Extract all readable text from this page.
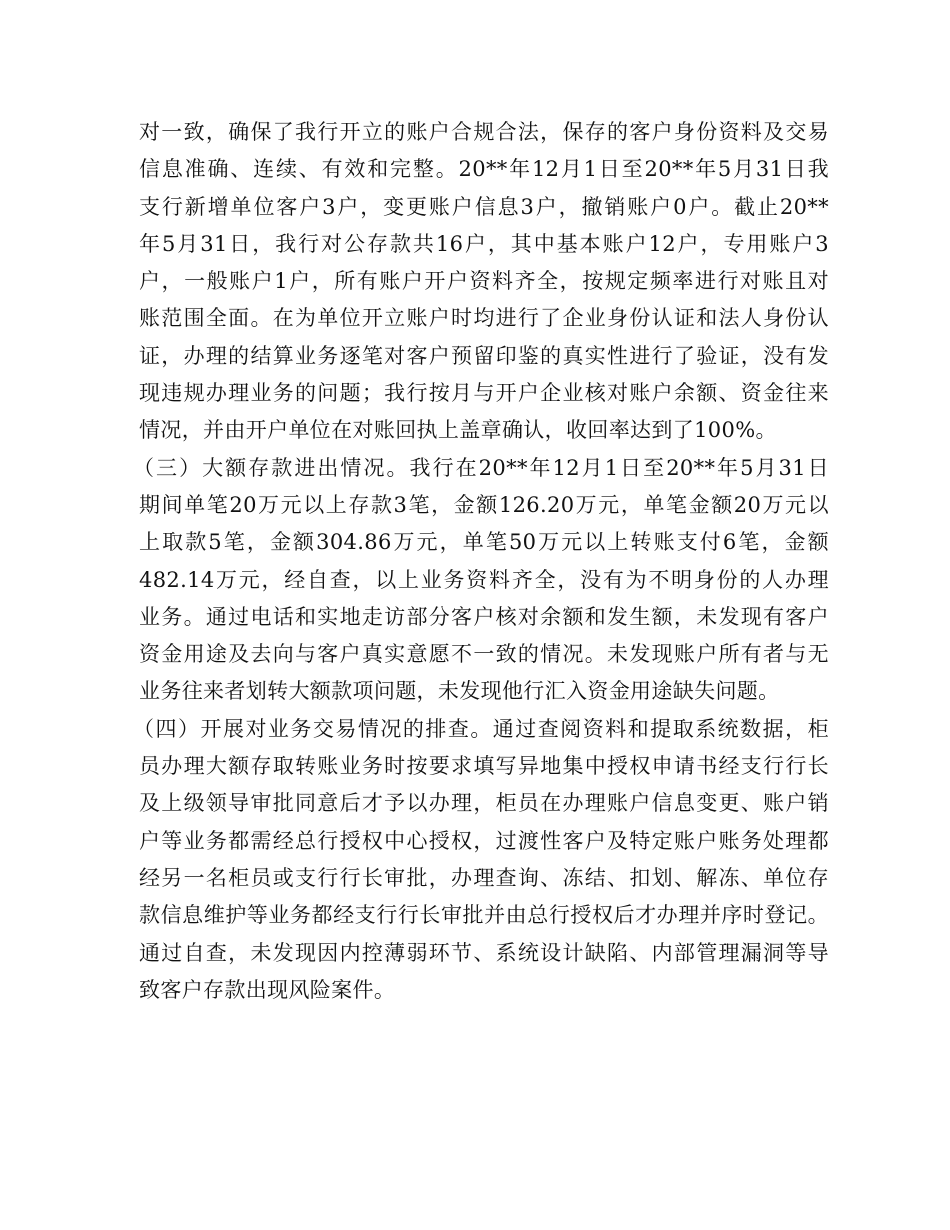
对一致，确保了我行开立的账户合规合法，保存的客户身份资料及交易
信息准确、连续、有效和完整。20**年12月1日至20**年5月31日我
支行新增单位客户3户，变更账户信息3户，撤销账户0户。截止20**
年5月31日，我行对公存款共16户，其中基本账户12户，专用账户3
户，一般账户1户，所有账户开户资料齐全，按规定频率进行对账且对
账范围全面。在为单位开立账户时均进行了企业身份认证和法人身份认
证，办理的结算业务逐笔对客户预留印鉴的真实性进行了验证，没有发
现违规办理业务的问题；我行按月与开户企业核对账户余额、资金往来
情况，并由开户单位在对账回执上盖章确认，收回率达到了100%。
（三）大额存款进出情况。我行在20**年12月1日至20**年5月31日
期间单笔20万元以上存款3笔，金额126.20万元，单笔金额20万元以
上取款5笔，金额304.86万元，单笔50万元以上转账支付6笔，金额
482.14万元，经自查，以上业务资料齐全，没有为不明身份的人办理
业务。通过电话和实地走访部分客户核对余额和发生额，未发现有客户
资金用途及去向与客户真实意愿不一致的情况。未发现账户所有者与无
业务往来者划转大额款项问题，未发现他行汇入资金用途缺失问题。
（四）开展对业务交易情况的排查。通过查阅资料和提取系统数据，柜
员办理大额存取转账业务时按要求填写异地集中授权申请书经支行行长
及上级领导审批同意后才予以办理，柜员在办理账户信息变更、账户销
户等业务都需经总行授权中心授权，过渡性客户及特定账户账务处理都
经另一名柜员或支行行长审批，办理查询、冻结、扣划、解冻、单位存
款信息维护等业务都经支行行长审批并由总行授权后才办理并序时登记。
通过自查，未发现因内控薄弱环节、系统设计缺陷、内部管理漏洞等导
致客户存款出现风险案件。
